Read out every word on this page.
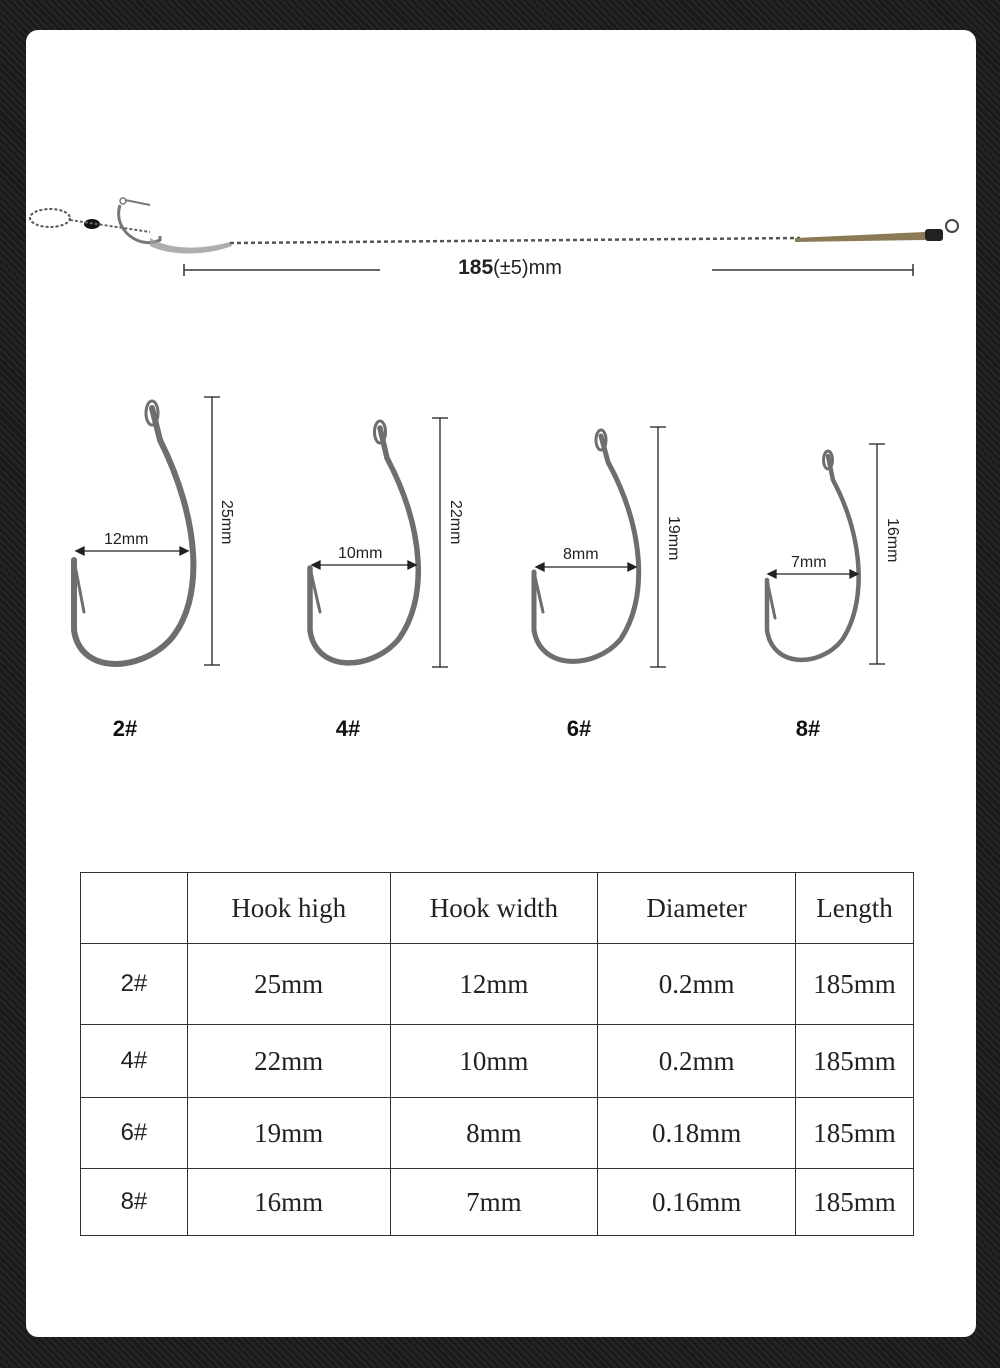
185(±5)mm
12mm
10mm	8mm	7mm
25mm	22mm	19mm	16mm
2#	4#	6#	8#
	Hook high	Hook width	Diameter	Length
2#	25mm	12mm	0.2mm	185mm
4#	22mm	10mm	0.2mm	185mm
6#	19mm	8mm	0.18mm	185mm
8#	16mm	7mm	0.16mm	185mm
